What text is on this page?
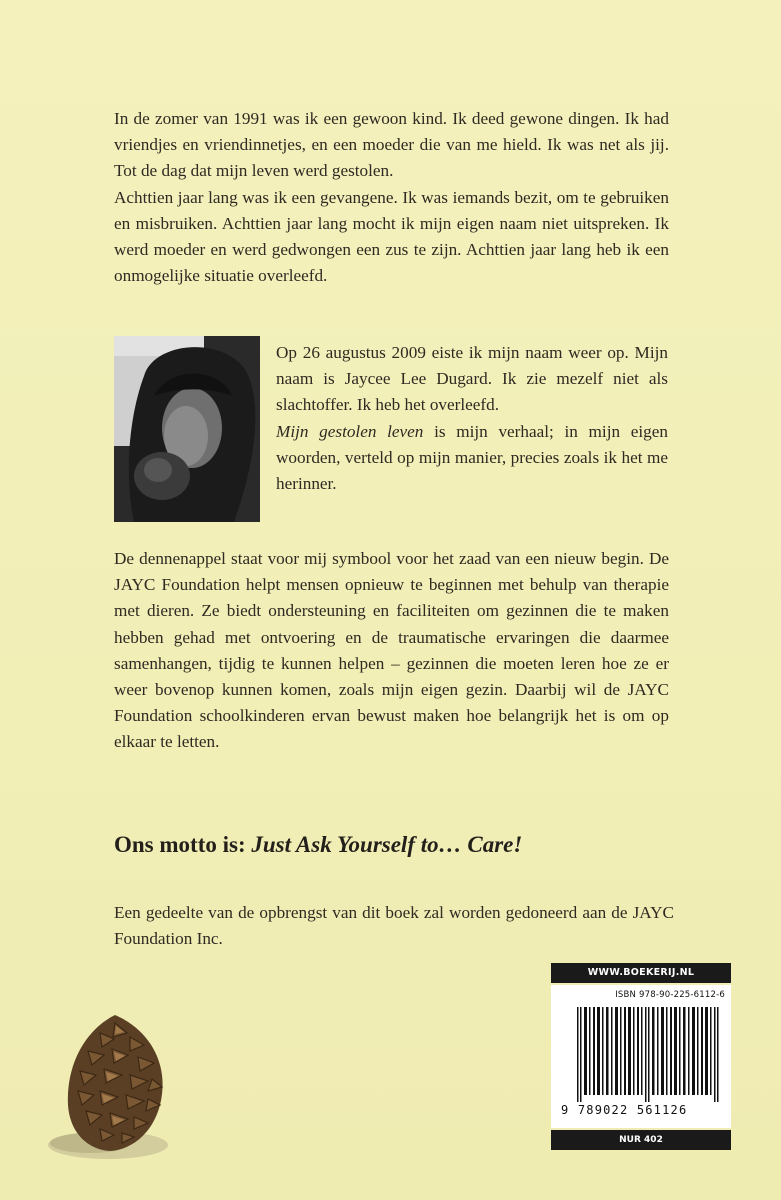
In de zomer van 1991 was ik een gewoon kind. Ik deed gewone dingen. Ik had vriendjes en vriendinnetjes, en een moeder die van me hield. Ik was net als jij. Tot de dag dat mijn leven werd gestolen.

Achttien jaar lang was ik een gevangene. Ik was iemands bezit, om te gebruiken en misbruiken. Achttien jaar lang mocht ik mijn eigen naam niet uitspreken. Ik werd moeder en werd gedwongen een zus te zijn. Achttien jaar lang heb ik een onmogelijke situatie overleefd.

Op 26 augustus 2009 eiste ik mijn naam weer op. Mijn naam is Jaycee Lee Dugard. Ik zie mezelf niet als slachtoffer. Ik heb het overleefd.

Mijn gestolen leven is mijn verhaal; in mijn eigen woorden, verteld op mijn manier, precies zoals ik het me herinner.

De dennenappel staat voor mij symbool voor het zaad van een nieuw begin. De JAYC Foundation helpt mensen opnieuw te beginnen met behulp van therapie met dieren. Ze biedt ondersteuning en faciliteiten om gezinnen die te maken hebben gehad met ontvoering en de traumatische ervaringen die daarmee samenhangen, tijdig te kunnen helpen – gezinnen die moeten leren hoe ze er weer bovenop kunnen komen, zoals mijn eigen gezin. Daarbij wil de JAYC Foundation schoolkinderen ervan bewust maken hoe belangrijk het is om op elkaar te letten.

Ons motto is: Just Ask Yourself to… Care!

Een gedeelte van de opbrengst van dit boek zal worden gedoneerd aan de JAYC Foundation Inc.

WWW.BOEKERIJ.NL
ISBN 978-90-225-6112-6
9 789022 561126
NUR 402
